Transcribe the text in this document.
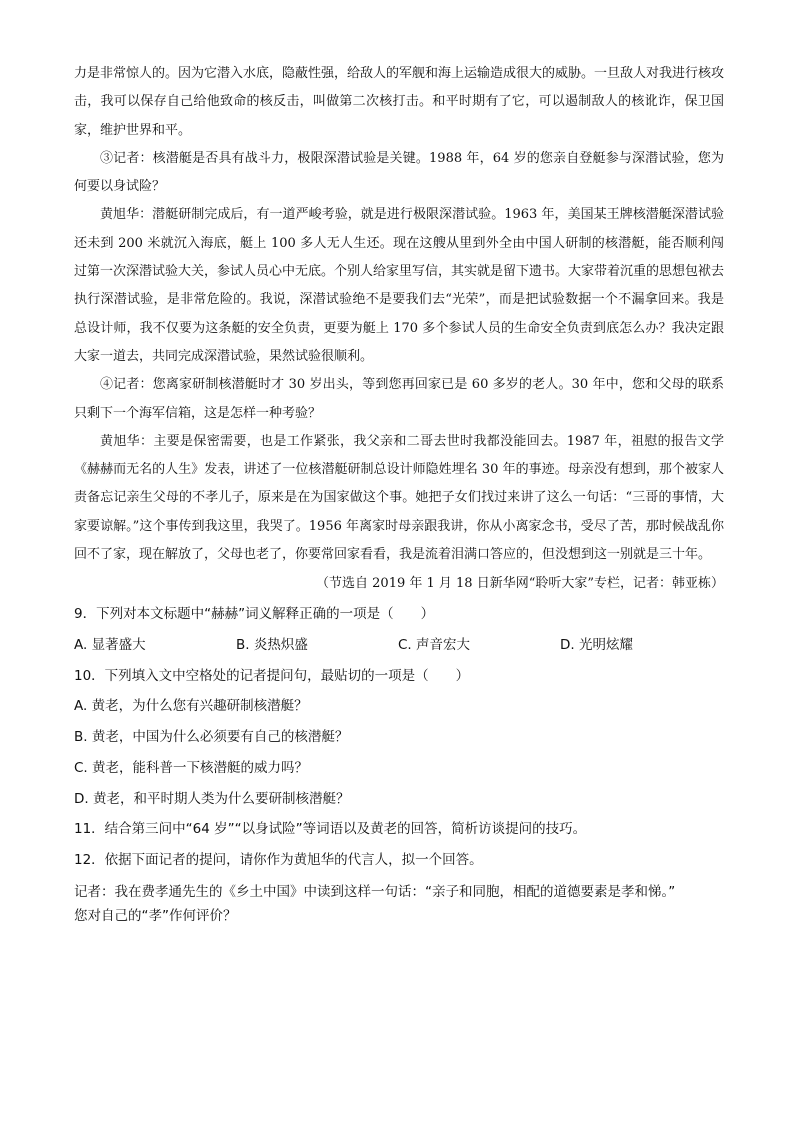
力是非常惊人的。因为它潜入水底，隐蔽性强，给敌人的军舰和海上运输造成很大的威胁。一旦敌人对我进行核攻击，我可以保存自己给他致命的核反击，叫做第二次核打击。和平时期有了它，可以遏制敌人的核讹诈，保卫国家，维护世界和平。

③记者：核潜艇是否具有战斗力，极限深潜试验是关键。1988 年，64 岁的您亲自登艇参与深潜试验，您为何要以身试险？

黄旭华：潜艇研制完成后，有一道严峻考验，就是进行极限深潜试验。1963 年，美国某王牌核潜艇深潜试验还未到 200 米就沉入海底，艇上 100 多人无人生还。现在这艘从里到外全由中国人研制的核潜艇，能否顺利闯过第一次深潜试验大关，参试人员心中无底。个别人给家里写信，其实就是留下遗书。大家带着沉重的思想包袱去执行深潜试验，是非常危险的。我说，深潜试验绝不是要我们去“光荣”，而是把试验数据一个不漏拿回来。我是总设计师，我不仅要为这条艇的安全负责，更要为艇上 170 多个参试人员的生命安全负责到底怎么办？我决定跟大家一道去，共同完成深潜试验，果然试验很顺利。

④记者：您离家研制核潜艇时才 30 岁出头，等到您再回家已是 60 多岁的老人。30 年中，您和父母的联系只剩下一个海军信箱，这是怎样一种考验？

黄旭华：主要是保密需要，也是工作紧张，我父亲和二哥去世时我都没能回去。1987 年，祖慰的报告文学《赫赫而无名的人生》发表，讲述了一位核潜艇研制总设计师隐姓埋名 30 年的事迹。母亲没有想到，那个被家人责备忘记亲生父母的不孝儿子，原来是在为国家做这个事。她把子女们找过来讲了这么一句话：“三哥的事情，大家要谅解。”这个事传到我这里，我哭了。1956 年离家时母亲跟我讲，你从小离家念书，受尽了苦，那时候战乱你回不了家，现在解放了，父母也老了，你要常回家看看，我是流着泪满口答应的，但没想到这一别就是三十年。

（节选自 2019 年 1 月 18 日新华网“聆听大家”专栏，记者：韩亚栋）

9．下列对本文标题中“赫赫”词义解释正确的一项是（　　）

A. 显著盛大	B. 炎热炽盛	C. 声音宏大	D. 光明炫耀

10．下列填入文中空格处的记者提问句，最贴切的一项是（　　）

A. 黄老，为什么您有兴趣研制核潜艇？

B. 黄老，中国为什么必须要有自己的核潜艇？

C. 黄老，能科普一下核潜艇的威力吗？

D. 黄老，和平时期人类为什么要研制核潜艇？

11．结合第三问中“64 岁”“以身试险”等词语以及黄老的回答，简析访谈提问的技巧。

12．依据下面记者的提问，请你作为黄旭华的代言人，拟一个回答。

记者：我在费孝通先生的《乡土中国》中读到这样一句话：“亲子和同胞，相配的道德要素是孝和悌。”

您对自己的“孝”作何评价？
